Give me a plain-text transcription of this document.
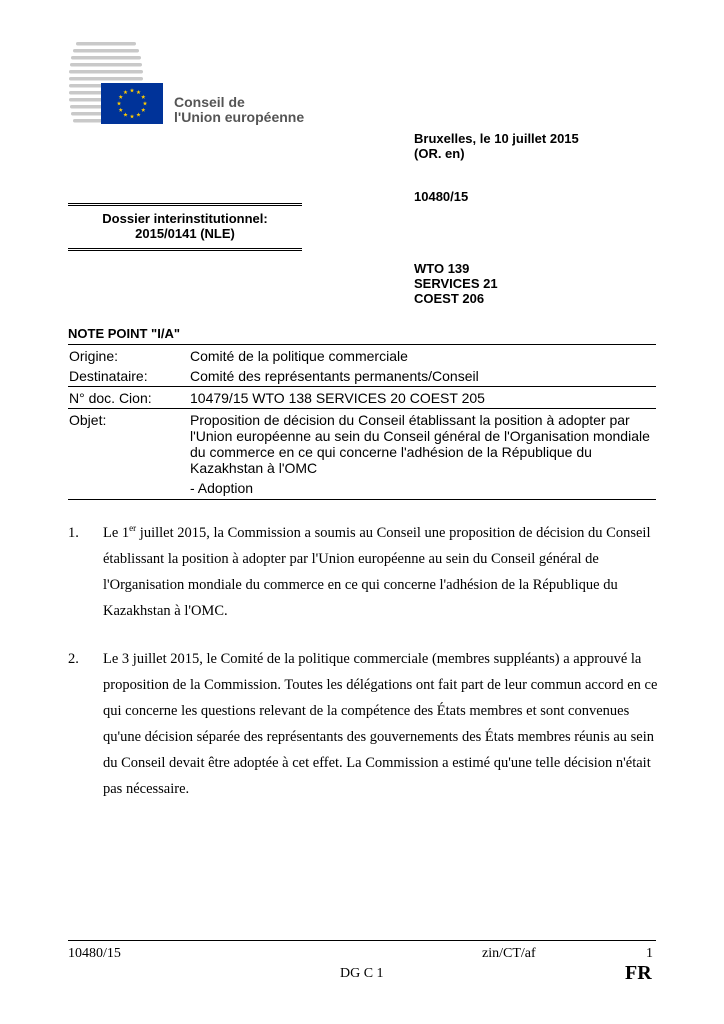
Conseil de
l'Union européenne
Bruxelles, le 10 juillet 2015
(OR. en)
10480/15
WTO 139
SERVICES 21
COEST 206
Dossier interinstitutionnel:
2015/0141 (NLE)
NOTE POINT "I/A"
Origine:	Comité de la politique commerciale
Destinataire:	Comité des représentants permanents/Conseil
N° doc. Cion:	10479/15 WTO 138 SERVICES 20 COEST 205
Objet:	Proposition de décision du Conseil établissant la position à adopter par
l'Union européenne au sein du Conseil général de l'Organisation mondiale
du commerce en ce qui concerne l'adhésion de la République du
Kazakhstan à l'OMC

- Adoption

1.	Le 1er juillet 2015, la Commission a soumis au Conseil une proposition de décision du Conseil établissant la position à adopter par l'Union européenne au sein du Conseil général de l'Organisation mondiale du commerce en ce qui concerne l'adhésion de la République du Kazakhstan à l'OMC.
2.	Le 3 juillet 2015, le Comité de la politique commerciale (membres suppléants) a approuvé la proposition de la Commission. Toutes les délégations ont fait part de leur commun accord en ce qui concerne les questions relevant de la compétence des États membres et sont convenues qu'une décision séparée des représentants des gouvernements des États membres réunis au sein du Conseil devait être adoptée à cet effet. La Commission a estimé qu'une telle décision n'était pas nécessaire.
10480/15	zin/CT/af	1
DG C 1	FR
